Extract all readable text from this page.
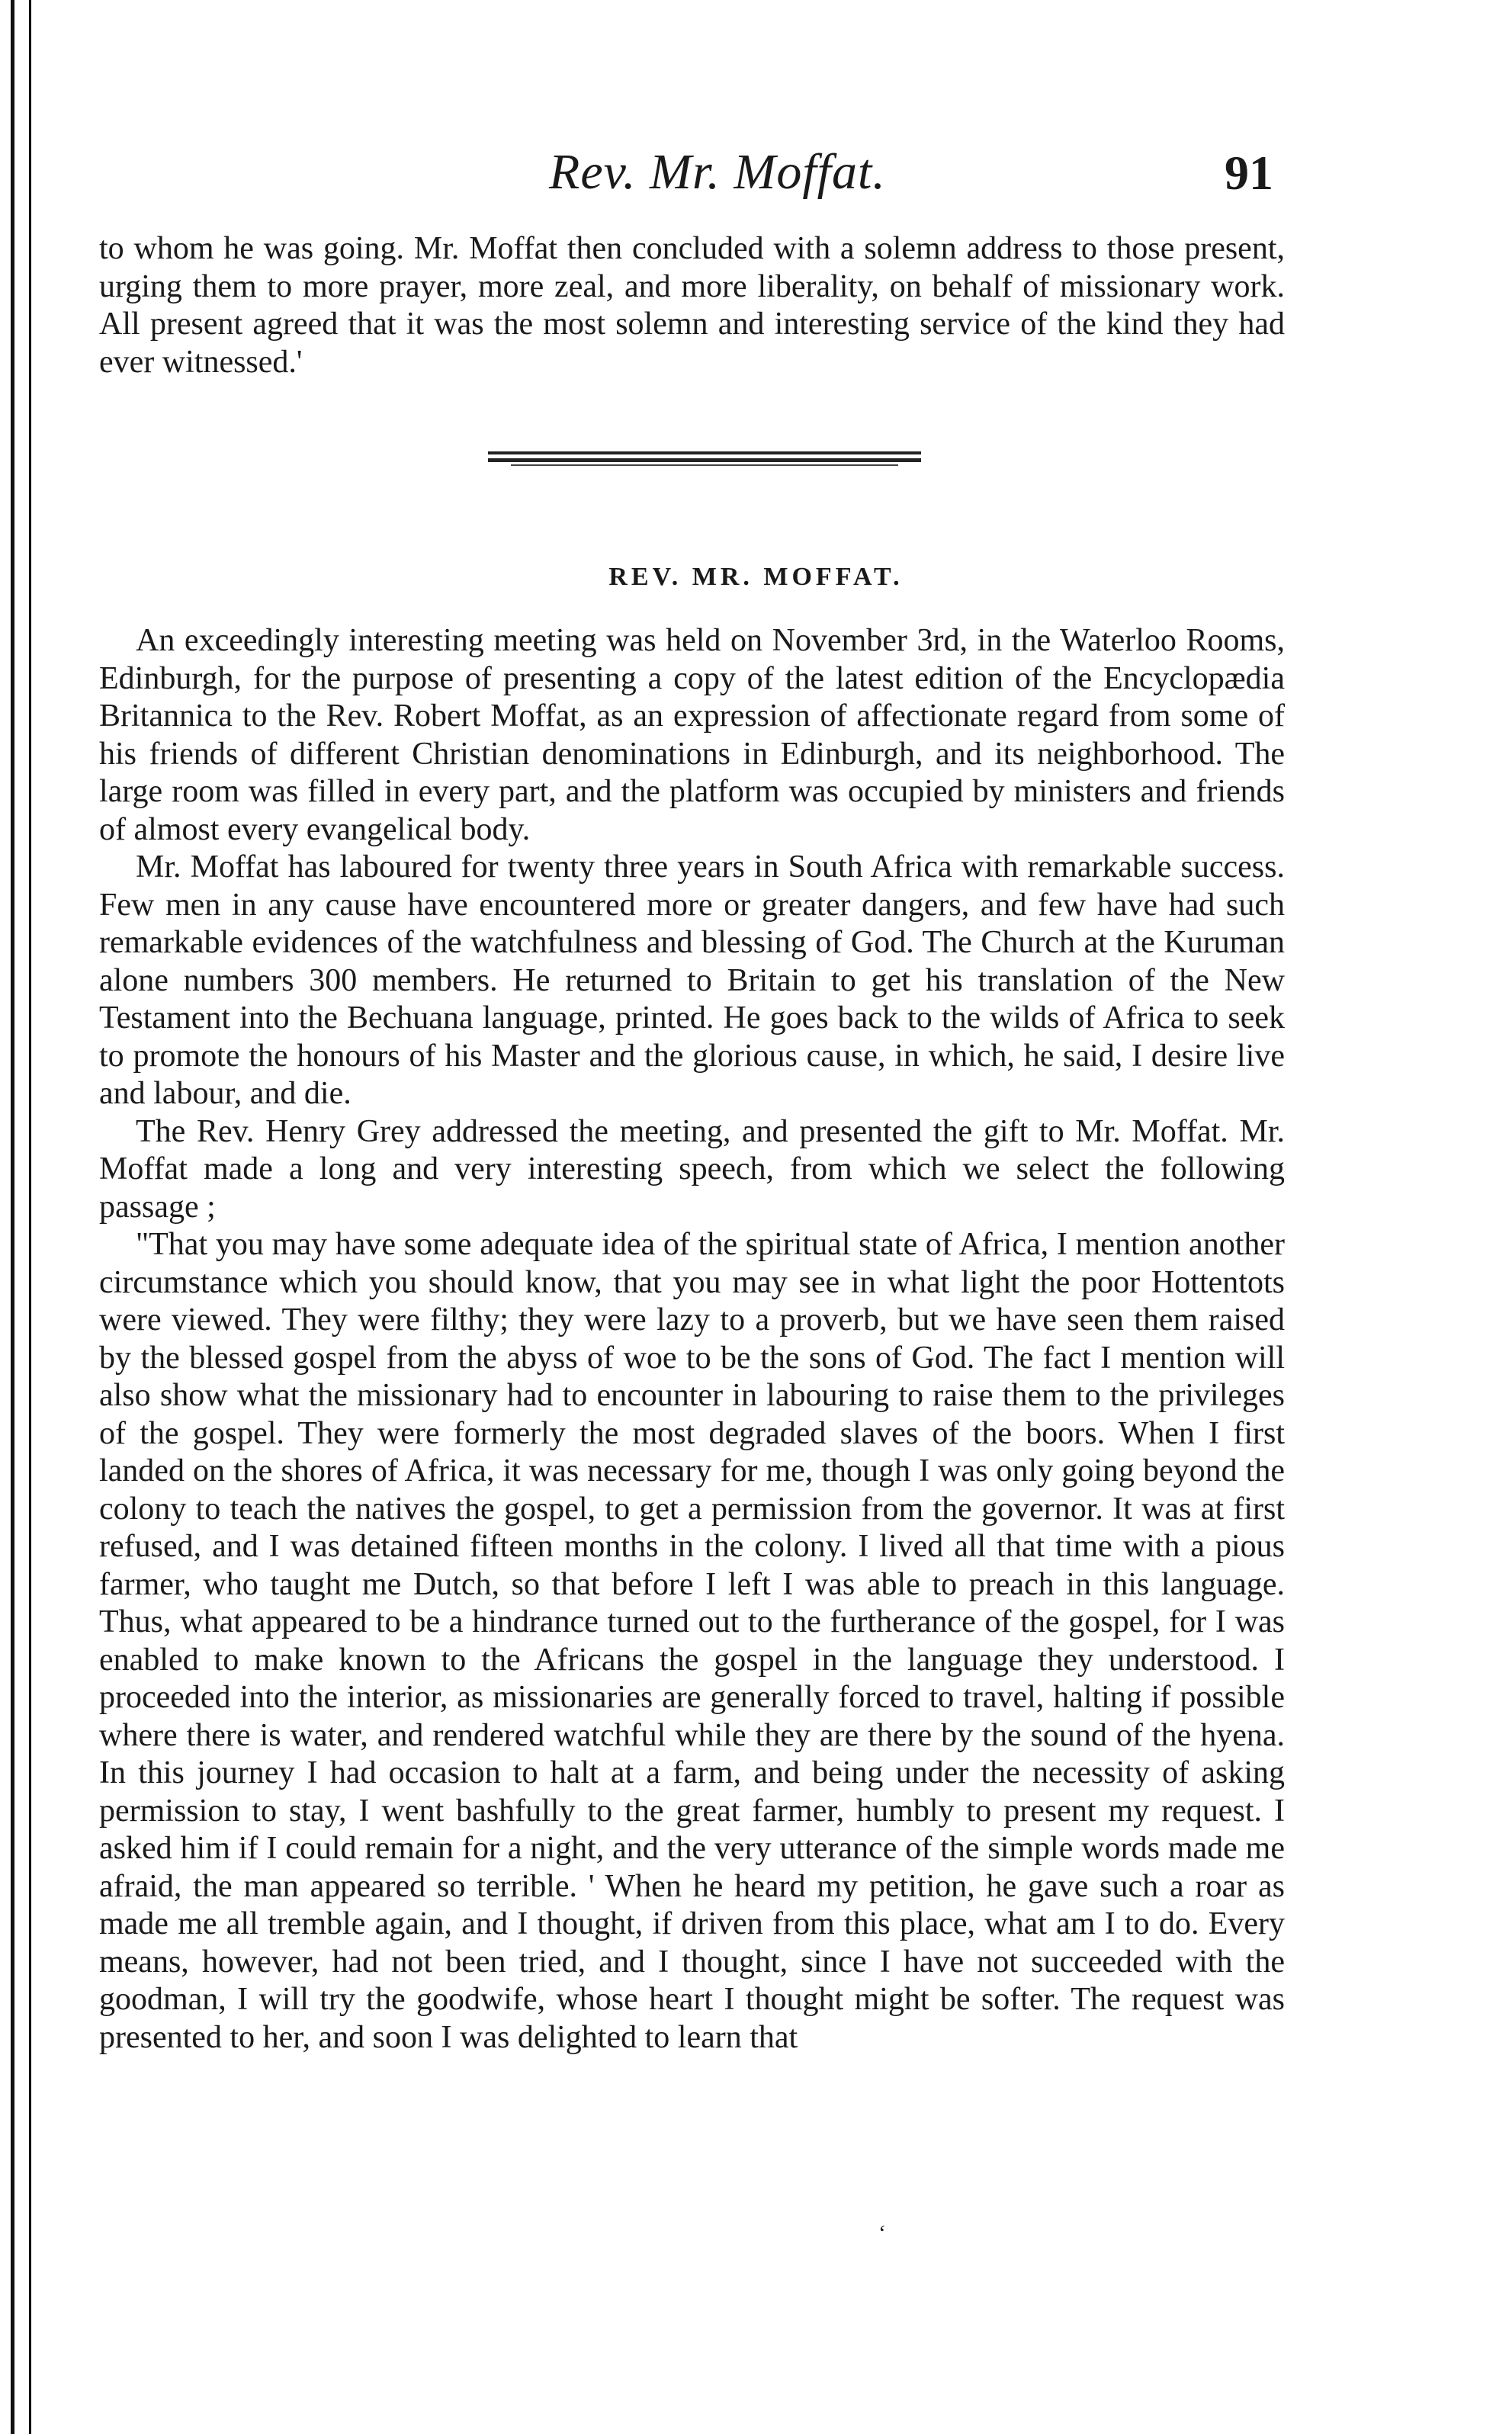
Rev. Mr. Moffat.	91

to whom he was going. Mr. Moffat then concluded with a solemn address to those present, urging them to more prayer, more zeal, and more liberality, on behalf of missionary work. All present agreed that it was the most solemn and interesting service of the kind they had ever witnessed.'

REV. MR. MOFFAT.

An exceedingly interesting meeting was held on November 3rd, in the Waterloo Rooms, Edinburgh, for the purpose of presenting a copy of the latest edition of the Encyclopædia Britannica to the Rev. Robert Moffat, as an expression of affectionate regard from some of his friends of different Christian denominations in Edinburgh, and its neighborhood. The large room was filled in every part, and the platform was occupied by ministers and friends of almost every evangelical body.

Mr. Moffat has laboured for twenty three years in South Africa with remarkable success. Few men in any cause have encountered more or greater dangers, and few have had such remarkable evidences of the watchfulness and blessing of God. The Church at the Kuruman alone numbers 300 members. He returned to Britain to get his translation of the New Testament into the Bechuana language, printed. He goes back to the wilds of Africa to seek to promote the honours of his Master and the glorious cause, in which, he said, I desire live and labour, and die.

The Rev. Henry Grey addressed the meeting, and presented the gift to Mr. Moffat. Mr. Moffat made a long and very interesting speech, from which we select the following passage ;

"That you may have some adequate idea of the spiritual state of Africa, I mention another circumstance which you should know, that you may see in what light the poor Hottentots were viewed. They were filthy; they were lazy to a proverb, but we have seen them raised by the blessed gospel from the abyss of woe to be the sons of God. The fact I mention will also show what the missionary had to encounter in labouring to raise them to the privileges of the gospel. They were formerly the most degraded slaves of the boors. When I first landed on the shores of Africa, it was necessary for me, though I was only going beyond the colony to teach the natives the gospel, to get a permission from the governor. It was at first refused, and I was detained fifteen months in the colony. I lived all that time with a pious farmer, who taught me Dutch, so that before I left I was able to preach in this language. Thus, what appeared to be a hindrance turned out to the furtherance of the gospel, for I was enabled to make known to the Africans the gospel in the language they understood. I proceeded into the interior, as missionaries are generally forced to travel, halting if possible where there is water, and rendered watchful while they are there by the sound of the hyena. In this journey I had occasion to halt at a farm, and being under the necessity of asking permission to stay, I went bashfully to the great farmer, humbly to present my request. I asked him if I could remain for a night, and the very utterance of the simple words made me afraid, the man appeared so terrible. ' When he heard my petition, he gave such a roar as made me all tremble again, and I thought, if driven from this place, what am I to do. Every means, however, had not been tried, and I thought, since I have not succeeded with the goodman, I will try the goodwife, whose heart I thought might be softer. The request was presented to her, and soon I was delighted to learn that

ʻ
